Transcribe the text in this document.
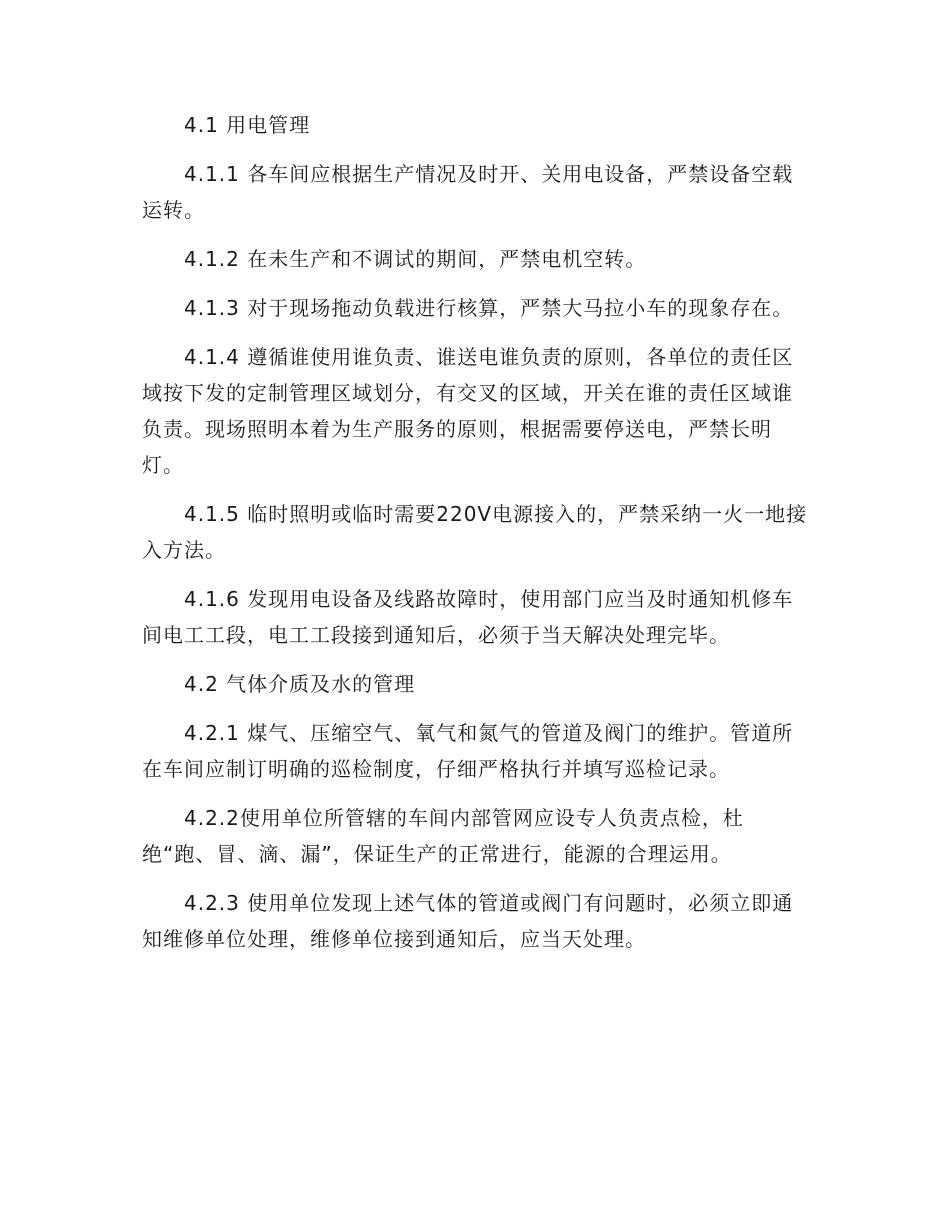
4.1 用电管理

4.1.1 各车间应根据生产情况及时开、关用电设备，严禁设备空载运转。

4.1.2 在未生产和不调试的期间，严禁电机空转。

4.1.3 对于现场拖动负载进行核算，严禁大马拉小车的现象存在。

4.1.4 遵循谁使用谁负责、谁送电谁负责的原则，各单位的责任区域按下发的定制管理区域划分，有交叉的区域，开关在谁的责任区域谁负责。现场照明本着为生产服务的原则，根据需要停送电，严禁长明灯。

4.1.5 临时照明或临时需要220V电源接入的，严禁采纳一火一地接入方法。

4.1.6 发现用电设备及线路故障时，使用部门应当及时通知机修车间电工工段，电工工段接到通知后，必须于当天解决处理完毕。

4.2 气体介质及水的管理

4.2.1 煤气、压缩空气、氧气和氮气的管道及阀门的维护。管道所在车间应制订明确的巡检制度，仔细严格执行并填写巡检记录。

4.2.2使用单位所管辖的车间内部管网应设专人负责点检，杜绝“跑、冒、滴、漏”，保证生产的正常进行，能源的合理运用。

4.2.3 使用单位发现上述气体的管道或阀门有问题时，必须立即通知维修单位处理，维修单位接到通知后，应当天处理。
